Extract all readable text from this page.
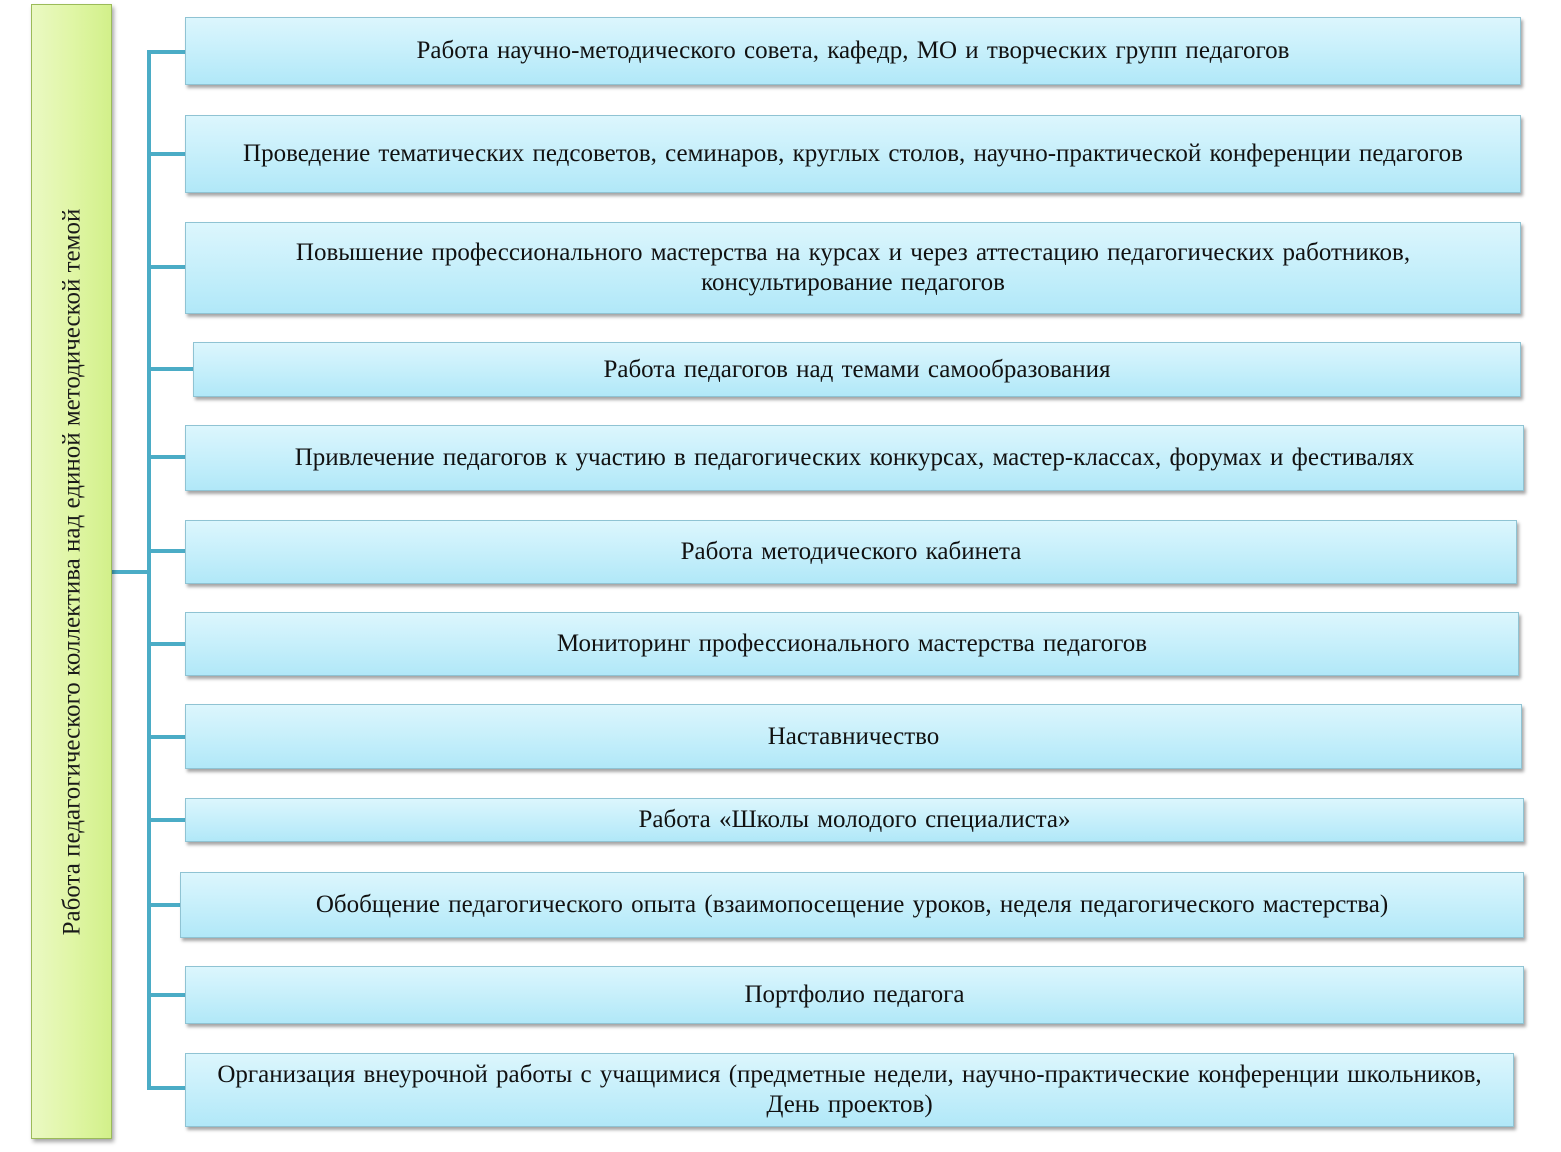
Работа педагогического коллектива над единой методической темой
Работа научно-методического совета, кафедр, МО и творческих групп педагогов
Проведение тематических педсоветов, семинаров, круглых столов, научно-практической конференции педагогов
Повышение профессионального мастерства на курсах и через аттестацию педагогических работников, консультирование педагогов
Работа педагогов над темами самообразования
Привлечение педагогов к участию в педагогических конкурсах, мастер-классах, форумах и фестивалях
Работа методического кабинета
Мониторинг профессионального мастерства педагогов
Наставничество
Работа «Школы молодого специалиста»
Обобщение педагогического опыта (взаимопосещение уроков, неделя педагогического мастерства)
Портфолио педагога
Организация внеурочной работы с учащимися (предметные недели, научно-практические конференции школьников, День проектов)
